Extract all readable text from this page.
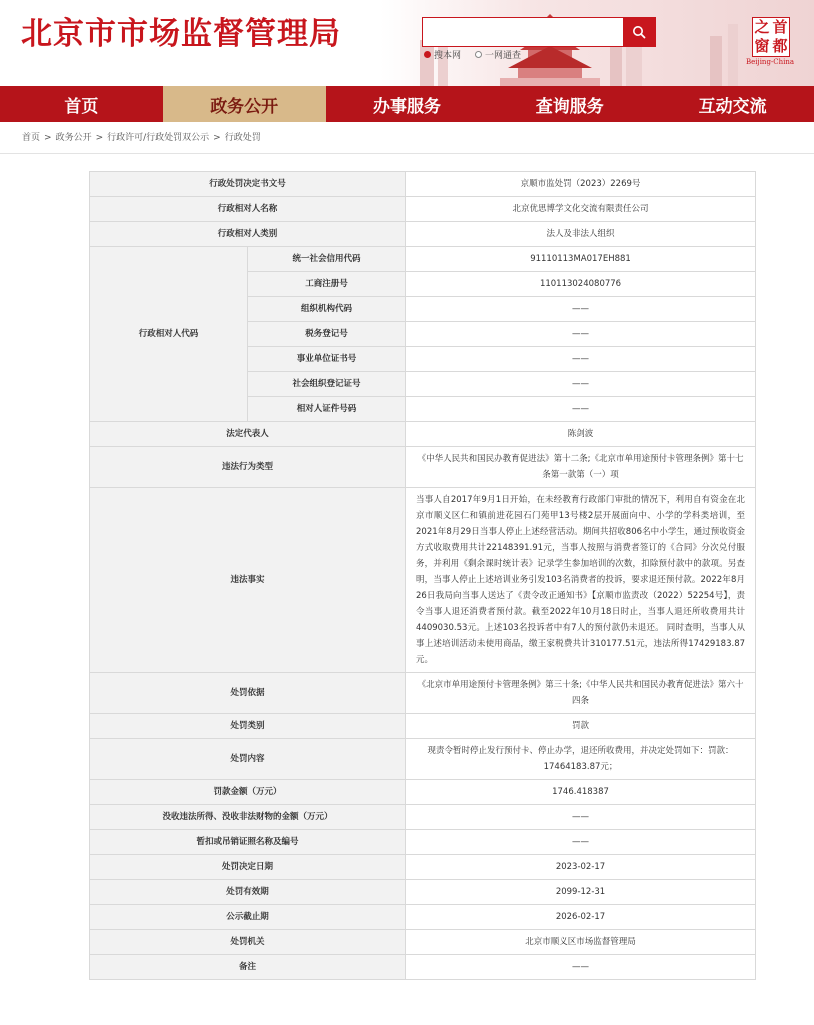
北京市市场监督管理局
搜本网	一网通查
之 首
窗 都
Beijing-China
首页	政务公开	办事服务	查询服务	互动交流
首页 > 政务公开 > 行政许可/行政处罚双公示 > 行政处罚
行政处罚决定书文号		京顺市监处罚（2023）2269号
行政相对人名称		北京优思博学文化交流有限责任公司
行政相对人类别		法人及非法人组织
行政相对人代码	统一社会信用代码	91110113MA017EH881
	工商注册号	110113024080776
	组织机构代码	——
	税务登记号	——
	事业单位证书号	——
	社会组织登记证号	——
	相对人证件号码	——
法定代表人		陈剑波
违法行为类型		《中华人民共和国民办教育促进法》第十二条;《北京市单用途预付卡管理条例》第十七条第一款第（一）项
违法事实		当事人自2017年9月1日开始，在未经教育行政部门审批的情况下，利用自有资金在北京市顺义区仁和镇前进花园石门苑甲13号楼2层开展面向中、小学的学科类培训，至2021年8月29日当事人停止上述经营活动。期间共招收806名中小学生，通过预收资金方式收取费用共计22148391.91元，当事人按照与消费者签订的《合同》分次兑付服务，并利用《剩余课时统计表》记录学生参加培训的次数，扣除预付款中的款项。另查明，当事人停止上述培训业务引发103名消费者的投诉，要求退还预付款。2022年8月26日我局向当事人送达了《责令改正通知书》【京顺市监责改（2022）52254号】，责令当事人退还消费者预付款。截至2022年10月18日时止，当事人退还所收费用共计4409030.53元。上述103名投诉者中有7人的预付款仍未退还。 同时查明，当事人从事上述培训活动未使用商品，缴王家税费共计310177.51元，违法所得17429183.87元。
处罚依据		《北京市单用途预付卡管理条例》第三十条;《中华人民共和国民办教育促进法》第六十四条
处罚类别		罚款
处罚内容		现责令暂时停止发行预付卡、停止办学，退还所收费用，并决定处罚如下：罚款：17464183.87元；
罚款金额（万元）		1746.418387
没收违法所得、没收非法财物的金额（万元）		——
暂扣或吊销证照名称及编号		——
处罚决定日期		2023-02-17
处罚有效期		2099-12-31
公示截止期		2026-02-17
处罚机关		北京市顺义区市场监督管理局
备注		——
